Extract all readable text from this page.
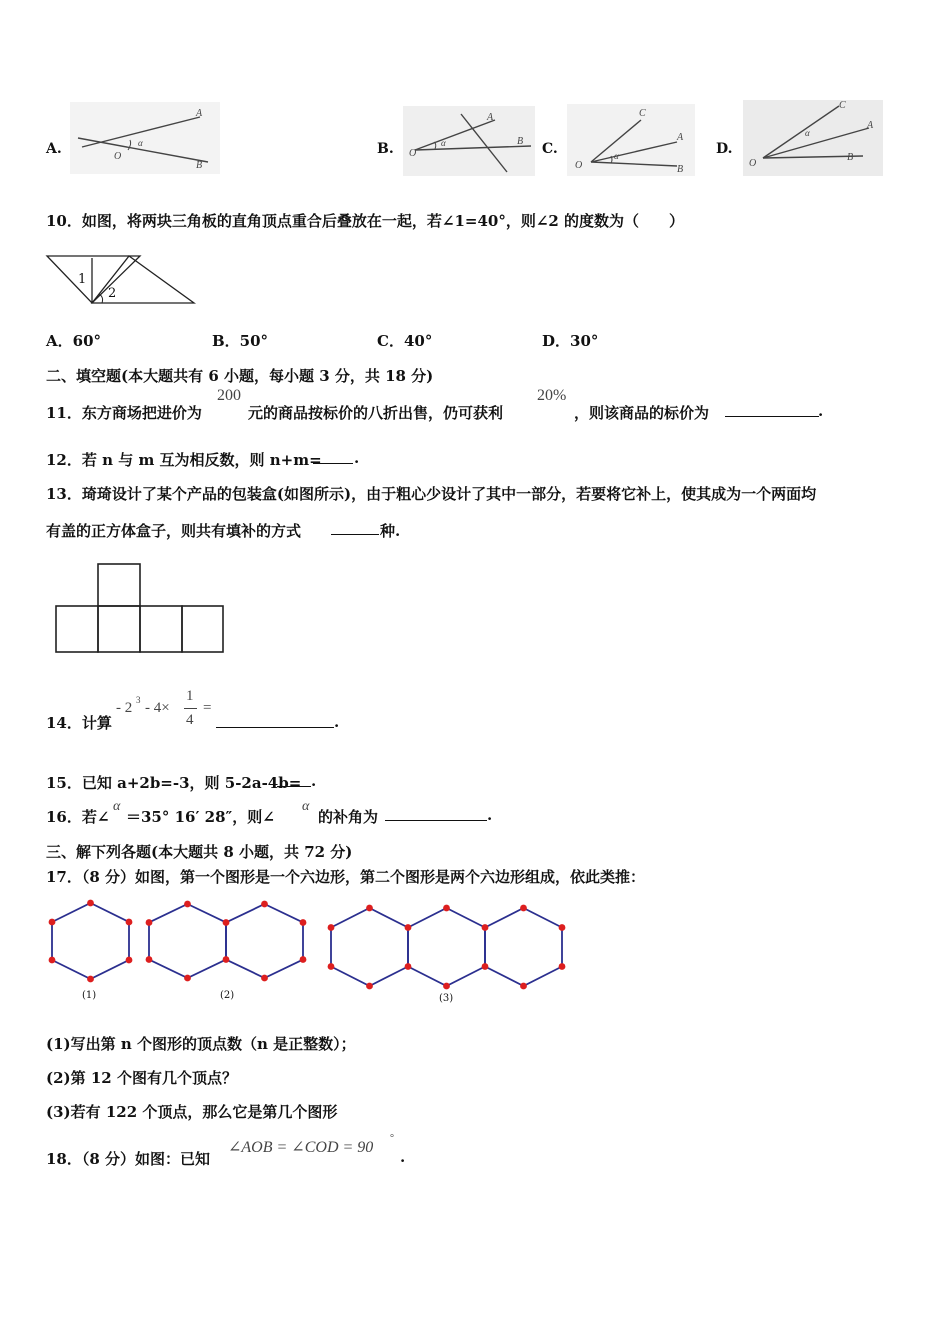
A.
A
O
B
α	B.
A
O
B
α	C.
C
A
O	B
α	D.
C
A
O
B
α
10．如图，将两块三角板的直角顶点重合后叠放在一起，若∠1=40°，则∠2 的度数为（　　）
1
2
A．60°	B．50°	C．40°	D．30°
二、填空题(本大题共有 6 小题，每小题 3 分，共 18 分)
11．东方商场把进价为
200
元的商品按标价的八折出售，仍可获利
20%
，则该商品的标价为	.
12．若 n 与 m 互为相反数，则 n+m= .
13．琦琦设计了某个产品的包装盒(如图所示)，由于粗心少设计了其中一部分，若要将它补上，使其成为一个两面均
有盖的正方体盒子，则共有填补的方式	种.
14．计算
- 2 3 - 4×
1
4
=
.
15．已知 a+2b=-3，则 5-2a-4b= .
16．若∠
α
＝35° 16′ 28″，则∠
α
的补角为	.
三、解下列各题(本大题共 8 小题，共 72 分)
17．（8 分）如图，第一个图形是一个六边形，第二个图形是两个六边形组成，依此类推：
(1)	(2)	(3)
(1)写出第 n 个图形的顶点数（n 是正整数）；
(2)第 12 个图有几个顶点？
(3)若有 122 个顶点，那么它是第几个图形
18．（8 分）如图：已知
∠AOB = ∠COD = 90
°
.
